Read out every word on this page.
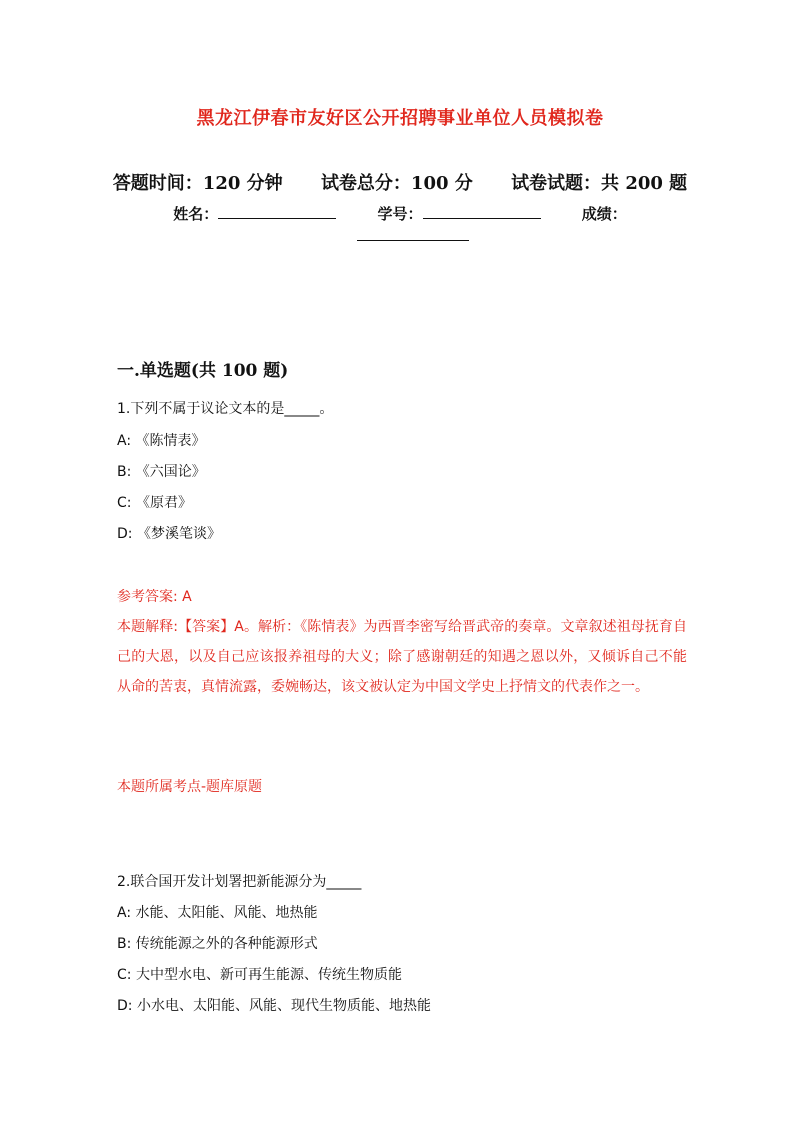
黑龙江伊春市友好区公开招聘事业单位人员模拟卷
答题时间：120 分钟 试卷总分：100 分 试卷试题：共 200 题
姓名：	学号：	成绩：
一.单选题(共 100 题)
1.下列不属于议论文本的是_____。
A: 《陈情表》
B: 《六国论》
C: 《原君》
D: 《梦溪笔谈》
参考答案: A
本题解释:【答案】A。解析：《陈情表》为西晋李密写给晋武帝的奏章。文章叙述祖母抚育自己的大恩，以及自己应该报养祖母的大义；除了感谢朝廷的知遇之恩以外，又倾诉自己不能从命的苦衷，真情流露，委婉畅达，该文被认定为中国文学史上抒情文的代表作之一。
本题所属考点-题库原题
2.联合国开发计划署把新能源分为_____
A: 水能、太阳能、风能、地热能
B: 传统能源之外的各种能源形式
C: 大中型水电、新可再生能源、传统生物质能
D: 小水电、太阳能、风能、现代生物质能、地热能
